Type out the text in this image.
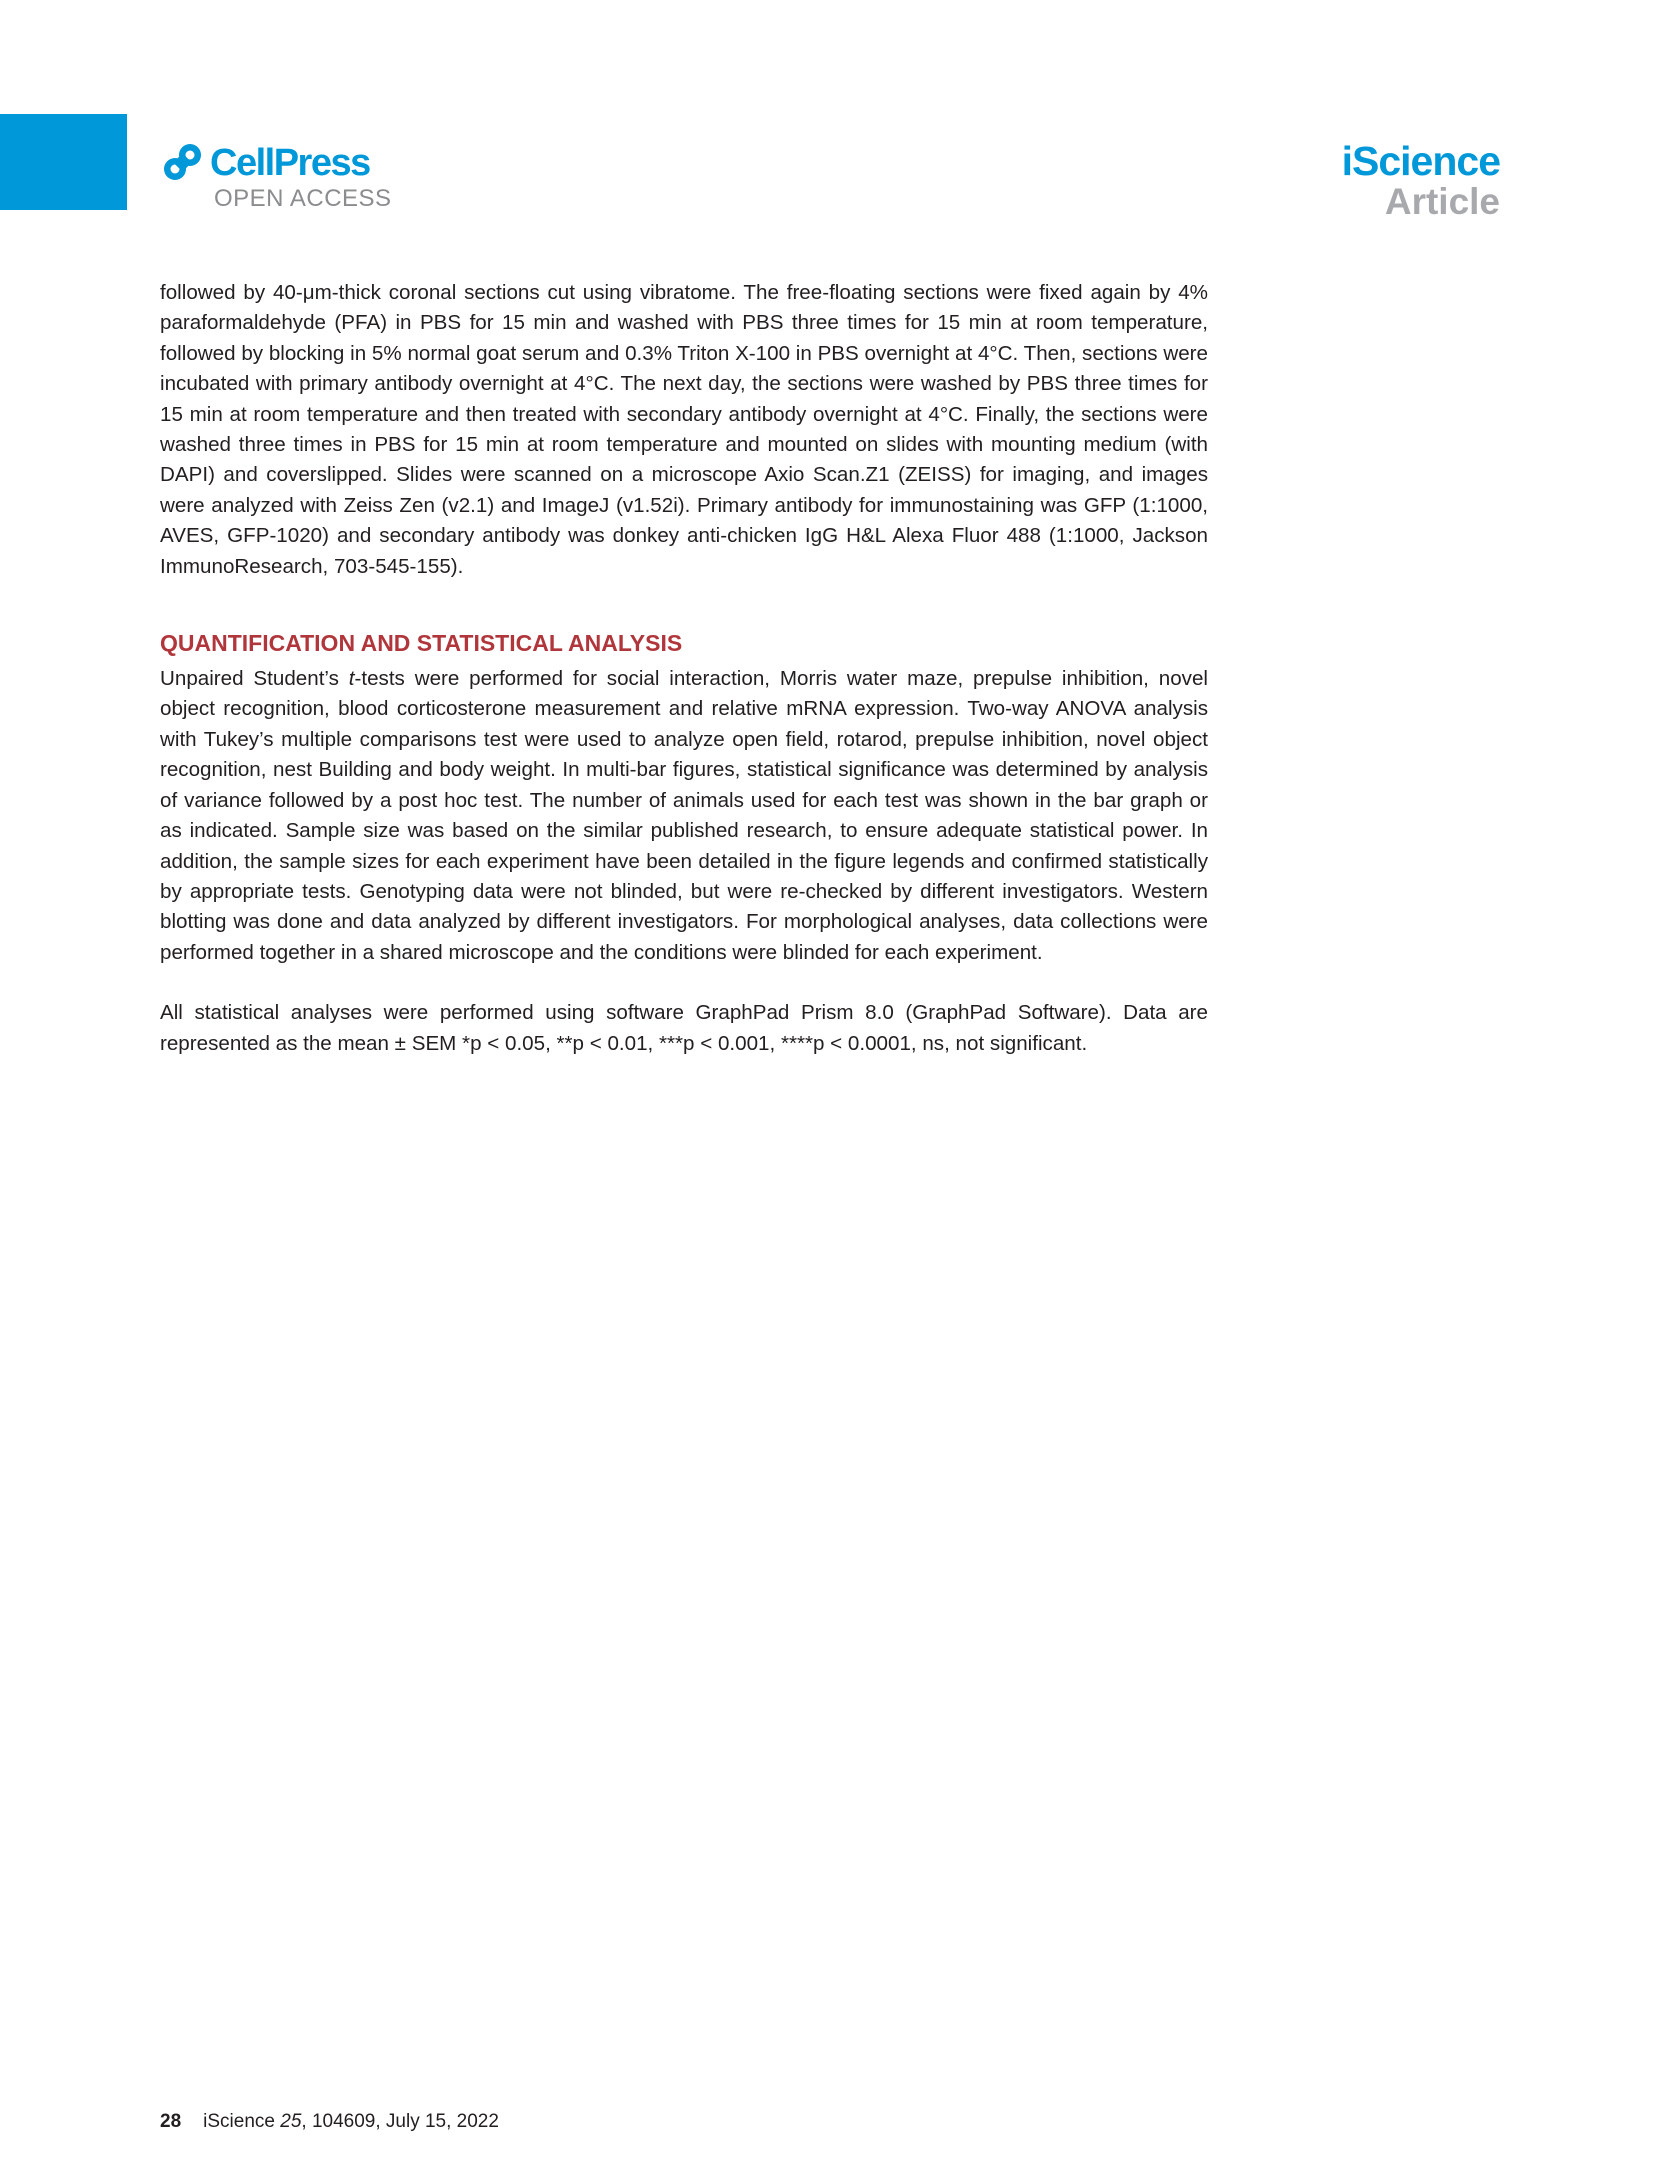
CellPress
OPEN ACCESS
iScience
Article

followed by 40-μm-thick coronal sections cut using vibratome. The free-floating sections were fixed again by 4% paraformaldehyde (PFA) in PBS for 15 min and washed with PBS three times for 15 min at room temperature, followed by blocking in 5% normal goat serum and 0.3% Triton X-100 in PBS overnight at 4°C. Then, sections were incubated with primary antibody overnight at 4°C. The next day, the sections were washed by PBS three times for 15 min at room temperature and then treated with secondary antibody overnight at 4°C. Finally, the sections were washed three times in PBS for 15 min at room temperature and mounted on slides with mounting medium (with DAPI) and coverslipped. Slides were scanned on a microscope Axio Scan.Z1 (ZEISS) for imaging, and images were analyzed with Zeiss Zen (v2.1) and ImageJ (v1.52i). Primary antibody for immunostaining was GFP (1:1000, AVES, GFP-1020) and secondary antibody was donkey anti-chicken IgG H&L Alexa Fluor 488 (1:1000, Jackson ImmunoResearch, 703-545-155).

QUANTIFICATION AND STATISTICAL ANALYSIS

Unpaired Student’s t-tests were performed for social interaction, Morris water maze, prepulse inhibition, novel object recognition, blood corticosterone measurement and relative mRNA expression. Two-way ANOVA analysis with Tukey’s multiple comparisons test were used to analyze open field, rotarod, prepulse inhibition, novel object recognition, nest Building and body weight. In multi-bar figures, statistical significance was determined by analysis of variance followed by a post hoc test. The number of animals used for each test was shown in the bar graph or as indicated. Sample size was based on the similar published research, to ensure adequate statistical power. In addition, the sample sizes for each experiment have been detailed in the figure legends and confirmed statistically by appropriate tests. Genotyping data were not blinded, but were re-checked by different investigators. Western blotting was done and data analyzed by different investigators. For morphological analyses, data collections were performed together in a shared microscope and the conditions were blinded for each experiment.

All statistical analyses were performed using software GraphPad Prism 8.0 (GraphPad Software). Data are represented as the mean ± SEM *p < 0.05, **p < 0.01, ***p < 0.001, ****p < 0.0001, ns, not significant.

28 iScience 25, 104609, July 15, 2022
